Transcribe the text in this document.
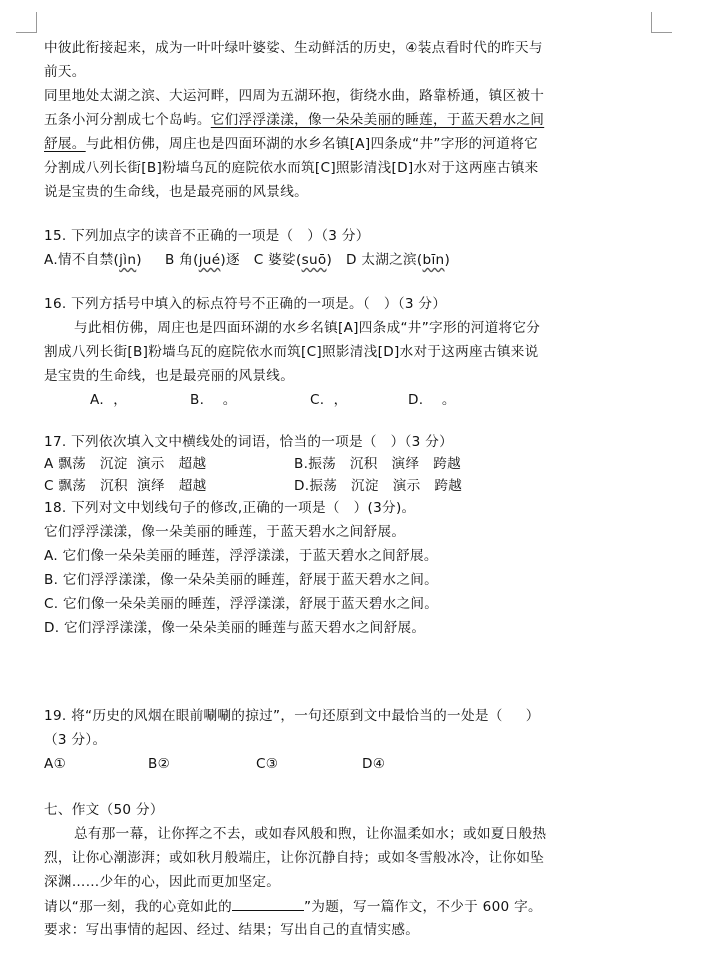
中彼此衔接起来，成为一叶叶绿叶婆娑、生动鲜活的历史，④装点看时代的昨天与
前天。
同里地处太湖之滨、大运河畔，四周为五湖环抱，街绕水曲，路靠桥通，镇区被十
五条小河分割成七个岛屿。它们浮浮漾漾，像一朵朵美丽的睡莲，于蓝天碧水之间
舒展。与此相仿佛，周庄也是四面环湖的水乡名镇[A]四条成“井”字形的河道将它
分割成八列长街[B]粉墙乌瓦的庭院依水而筑[C]照影清浅[D]水对于这两座古镇来
说是宝贵的生命线，也是最亮丽的风景线。
15. 下列加点字的读音不正确的一项是（   ）（3 分）
A.情不自禁(jìn) B 角(jué)逐 C 婆娑(suō) D 太湖之滨(bīn)
16. 下列方括号中填入的标点符号不正确的一项是。（   ）（3 分）
与此相仿佛，周庄也是四面环湖的水乡名镇[A]四条成“井”字形的河道将它分
割成八列长街[B]粉墙乌瓦的庭院依水而筑[C]照影清浅[D]水对于这两座古镇来说
是宝贵的生命线，也是最亮丽的风景线。
A.  ，	B.    。	C.  ，	D.    。
17. 下列依次填入文中横线处的词语，恰当的一项是（   ）（3 分）
A 飘荡   沉淀  演示   超越	B.振荡   沉积   演绎   跨越
C 飘荡   沉积  演绎   超越	D.振荡   沉淀   演示   跨越
18. 下列对文中划线句子的修改,正确的一项是（   ）(3分)。
它们浮浮漾漾，像一朵美丽的睡莲，于蓝天碧水之间舒展。
A. 它们像一朵朵美丽的睡莲，浮浮漾漾，于蓝天碧水之间舒展。
B. 它们浮浮漾漾，像一朵朵美丽的睡莲，舒展于蓝天碧水之间。
C. 它们像一朵朵美丽的睡莲，浮浮漾漾，舒展于蓝天碧水之间。
D. 它们浮浮漾漾，像一朵朵美丽的睡莲与蓝天碧水之间舒展。
19. 将“历史的风烟在眼前唰唰的掠过”，一句还原到文中最恰当的一处是（     ）
（3 分）。
A①	B②	C③	D④
七、作文（50 分）
总有那一幕，让你挥之不去，或如春风般和煦，让你温柔如水；或如夏日般热
烈，让你心潮澎湃；或如秋月般端庄，让你沉静自持；或如冬雪般冰冷，让你如坠
深渊……少年的心，因此而更加坚定。
请以“那一刻，我的心竟如此的	”为题，写一篇作文，不少于 600 字。
要求：写出事情的起因、经过、结果；写出自己的直情实感。
